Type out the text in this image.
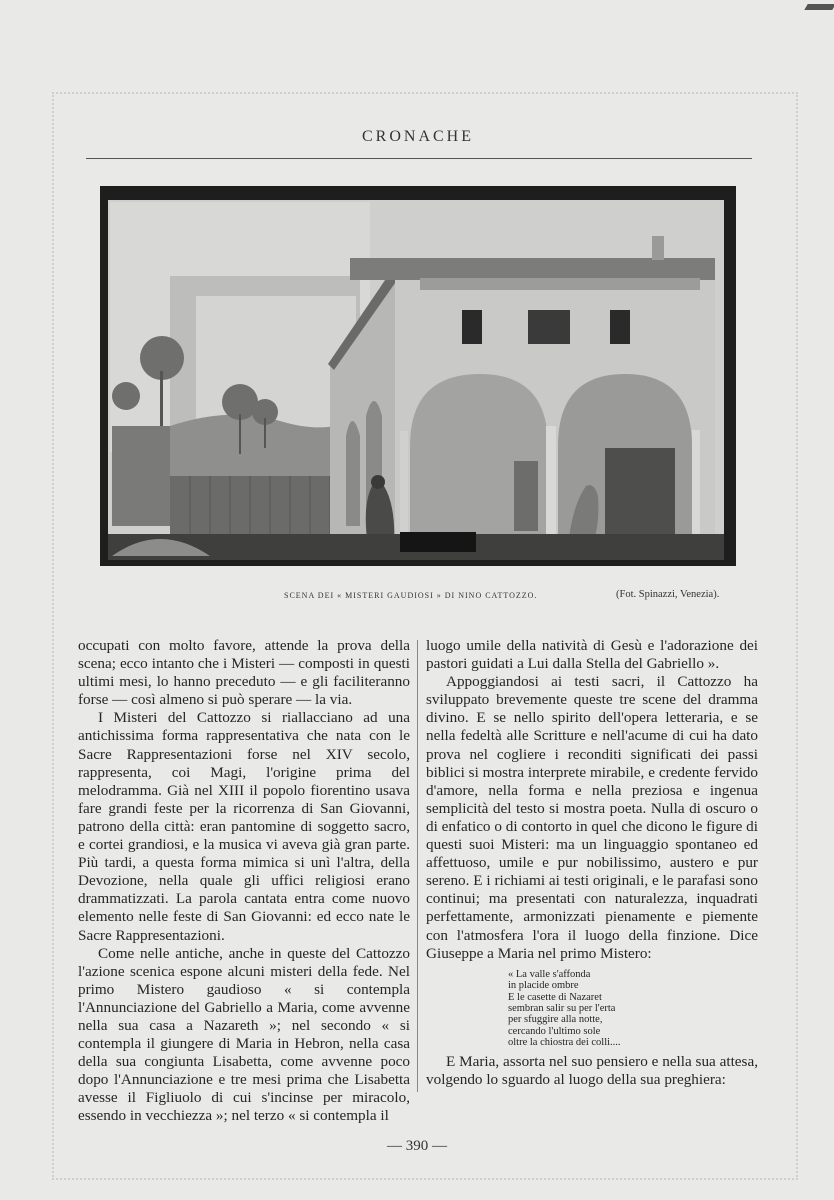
CRONACHE
SCENA DEI « MISTERI GAUDIOSI » DI NINO CATTOZZO.	(Fot. Spinazzi, Venezia).

occupati con molto favore, attende la prova della scena; ecco intanto che i Misteri — composti in questi ultimi mesi, lo hanno preceduto — e gli faciliteranno forse — così almeno si può sperare — la via.

I Misteri del Cattozzo si riallacciano ad una antichissima forma rappresentativa che nata con le Sacre Rappresentazioni forse nel XIV secolo, rappresenta, coi Magi, l'origine prima del melodramma. Già nel XIII il popolo fiorentino usava fare grandi feste per la ricorrenza di San Giovanni, patrono della città: eran pantomine di soggetto sacro, e cortei grandiosi, e la musica vi aveva già gran parte. Più tardi, a questa forma mimica si unì l'altra, della Devozione, nella quale gli uffici religiosi erano drammatizzati. La parola cantata entra come nuovo elemento nelle feste di San Giovanni: ed ecco nate le Sacre Rappresentazioni.

Come nelle antiche, anche in queste del Cattozzo l'azione scenica espone alcuni misteri della fede. Nel primo Mistero gaudioso « si contempla l'Annunciazione del Gabriello a Maria, come avvenne nella sua casa a Nazareth »; nel secondo « si contempla il giungere di Maria in Hebron, nella casa della sua congiunta Lisabetta, come avvenne poco dopo l'Annunciazione e tre mesi prima che Lisabetta avesse il Figliuolo di cui s'incinse per miracolo, essendo in vecchiezza »; nel terzo « si contempla il

luogo umile della natività di Gesù e l'adorazione dei pastori guidati a Lui dalla Stella del Gabriello ».

Appoggiandosi ai testi sacri, il Cattozzo ha sviluppato brevemente queste tre scene del dramma divino. E se nello spirito dell'opera letteraria, e se nella fedeltà alle Scritture e nell'acume di cui ha dato prova nel cogliere i reconditi significati dei passi biblici si mostra interprete mirabile, e credente fervido d'amore, nella forma e nella preziosa e ingenua semplicità del testo si mostra poeta. Nulla di oscuro o di enfatico o di contorto in quel che dicono le figure di questi suoi Misteri: ma un linguaggio spontaneo ed affettuoso, umile e pur nobilissimo, austero e pur sereno. E i richiami ai testi originali, e le parafasi sono continui; ma presentati con naturalezza, inquadrati perfettamente, armonizzati pienamente e piemente con l'atmosfera l'ora il luogo della finzione. Dice Giuseppe a Maria nel primo Mistero:

« La valle s'affonda
in placide ombre
E le casette di Nazaret
sembran salir su per l'erta
per sfuggire alla notte,
cercando l'ultimo sole
oltre la chiostra dei colli....

E Maria, assorta nel suo pensiero e nella sua attesa, volgendo lo sguardo al luogo della sua preghiera:

— 390 —
